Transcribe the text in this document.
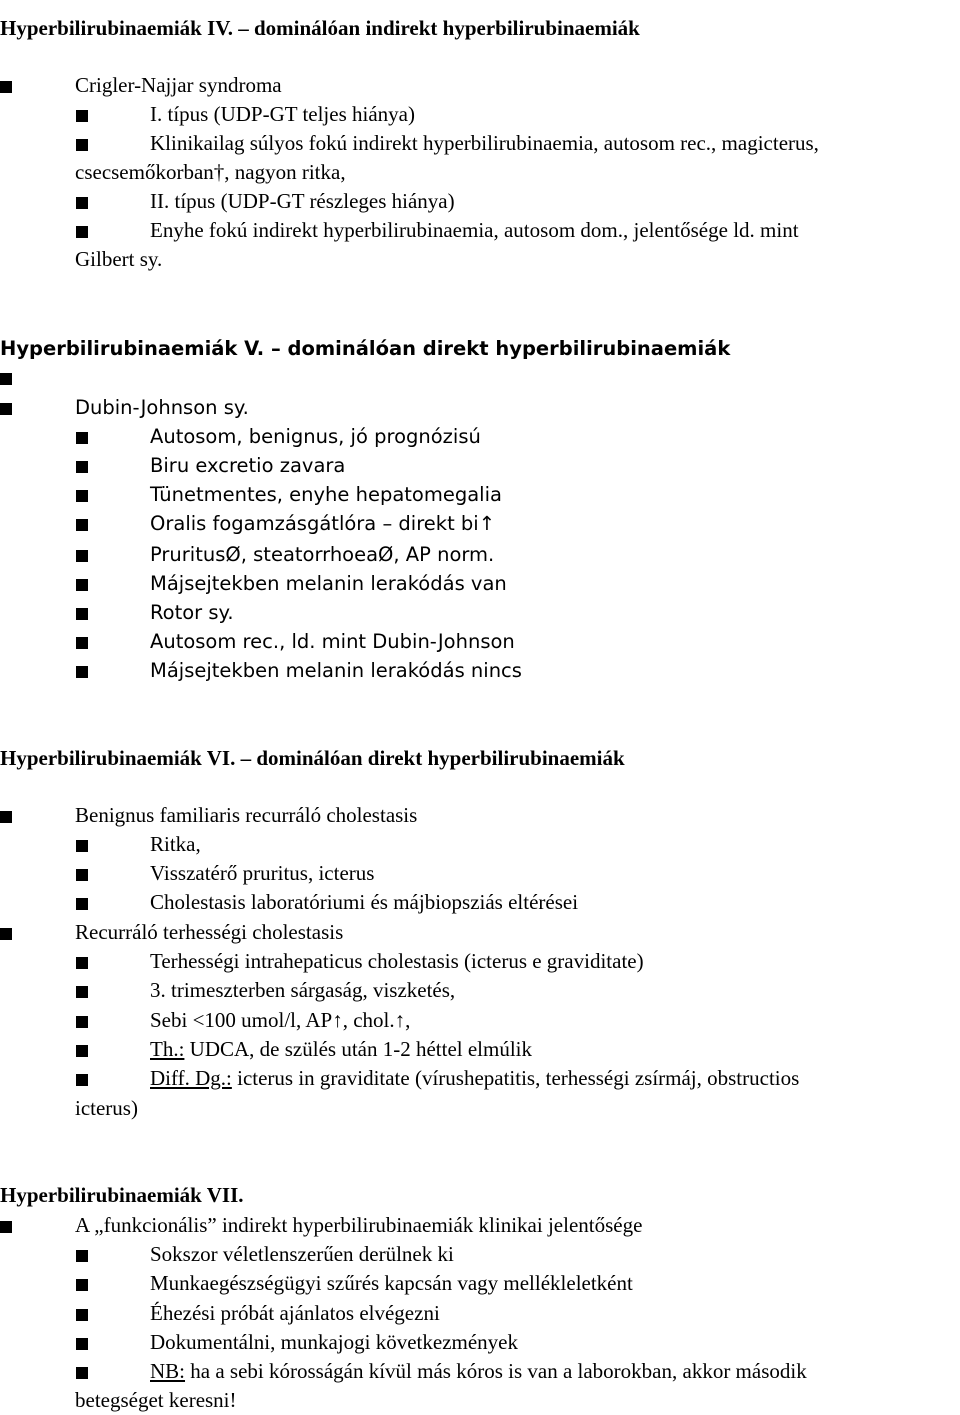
Hyperbilirubinaemiák IV. – dominálóan indirekt hyperbilirubinaemiák
Crigler-Najjar syndroma
I. típus (UDP-GT teljes hiánya)
Klinikailag súlyos fokú indirekt hyperbilirubinaemia, autosom rec., magicterus,
csecsemőkorban†, nagyon ritka,
II. típus (UDP-GT részleges hiánya)
Enyhe fokú indirekt hyperbilirubinaemia, autosom dom., jelentősége ld. mint
Gilbert sy.
Hyperbilirubinaemiák V. – dominálóan direkt hyperbilirubinaemiák
Dubin-Johnson sy.
Autosom, benignus, jó prognózisú
Biru excretio zavara
Tünetmentes, enyhe hepatomegalia
Oralis fogamzásgátlóra – direkt bi↑
PruritusØ, steatorrhoeaØ, AP norm.
Májsejtekben melanin lerakódás van
Rotor sy.
Autosom rec., ld. mint Dubin-Johnson
Májsejtekben melanin lerakódás nincs
Hyperbilirubinaemiák VI. – dominálóan direkt hyperbilirubinaemiák
Benignus familiaris recurráló cholestasis
Ritka,
Visszatérő pruritus, icterus
Cholestasis laboratóriumi és májbiopsziás eltérései
Recurráló terhességi cholestasis
Terhességi intrahepaticus cholestasis (icterus e graviditate)
3. trimeszterben sárgaság, viszketés,
Sebi <100 umol/l, AP↑, chol.↑,
Th.: UDCA, de szülés után 1-2 héttel elmúlik
Diff. Dg.: icterus in graviditate (vírushepatitis, terhességi zsírmáj, obstructios
icterus)
Hyperbilirubinaemiák VII.
A „funkcionális” indirekt hyperbilirubinaemiák klinikai jelentősége
Sokszor véletlenszerűen derülnek ki
Munkaegészségügyi szűrés kapcsán vagy mellékleletként
Éhezési próbát ajánlatos elvégezni
Dokumentálni, munkajogi következmények
NB: ha a sebi kórosságán kívül más kóros is van a laborokban, akkor második
betegséget keresni!
